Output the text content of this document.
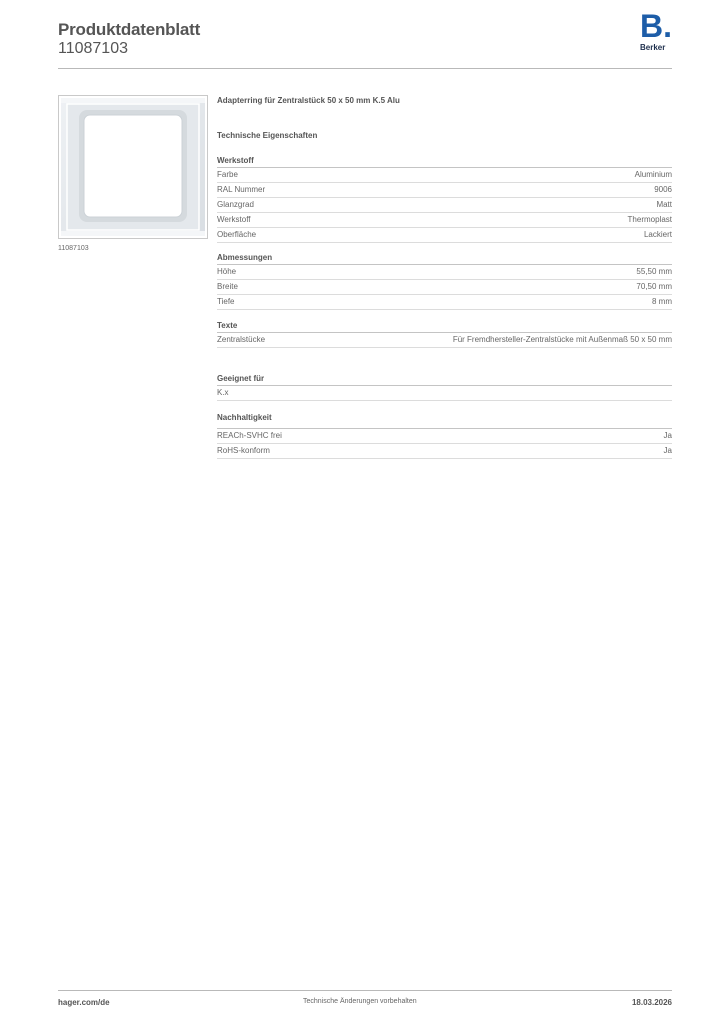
Produktdatenblatt
11087103
B.
Berker
11087103
Adapterring für Zentralstück 50 x 50 mm K.5 Alu
Technische Eigenschaften
Werkstoff
Farbe	Aluminium
RAL Nummer	9006
Glanzgrad	Matt
Werkstoff	Thermoplast
Oberfläche	Lackiert
Abmessungen
Höhe	55,50 mm
Breite	70,50 mm
Tiefe	8 mm
Texte
Zentralstücke	Für Fremdhersteller-Zentralstücke mit Außenmaß 50 x 50 mm
Geeignet für
K.x
Nachhaltigkeit
REACh-SVHC frei	Ja
RoHS-konform	Ja
hager.com/de	Technische Änderungen vorbehalten	18.03.2026
